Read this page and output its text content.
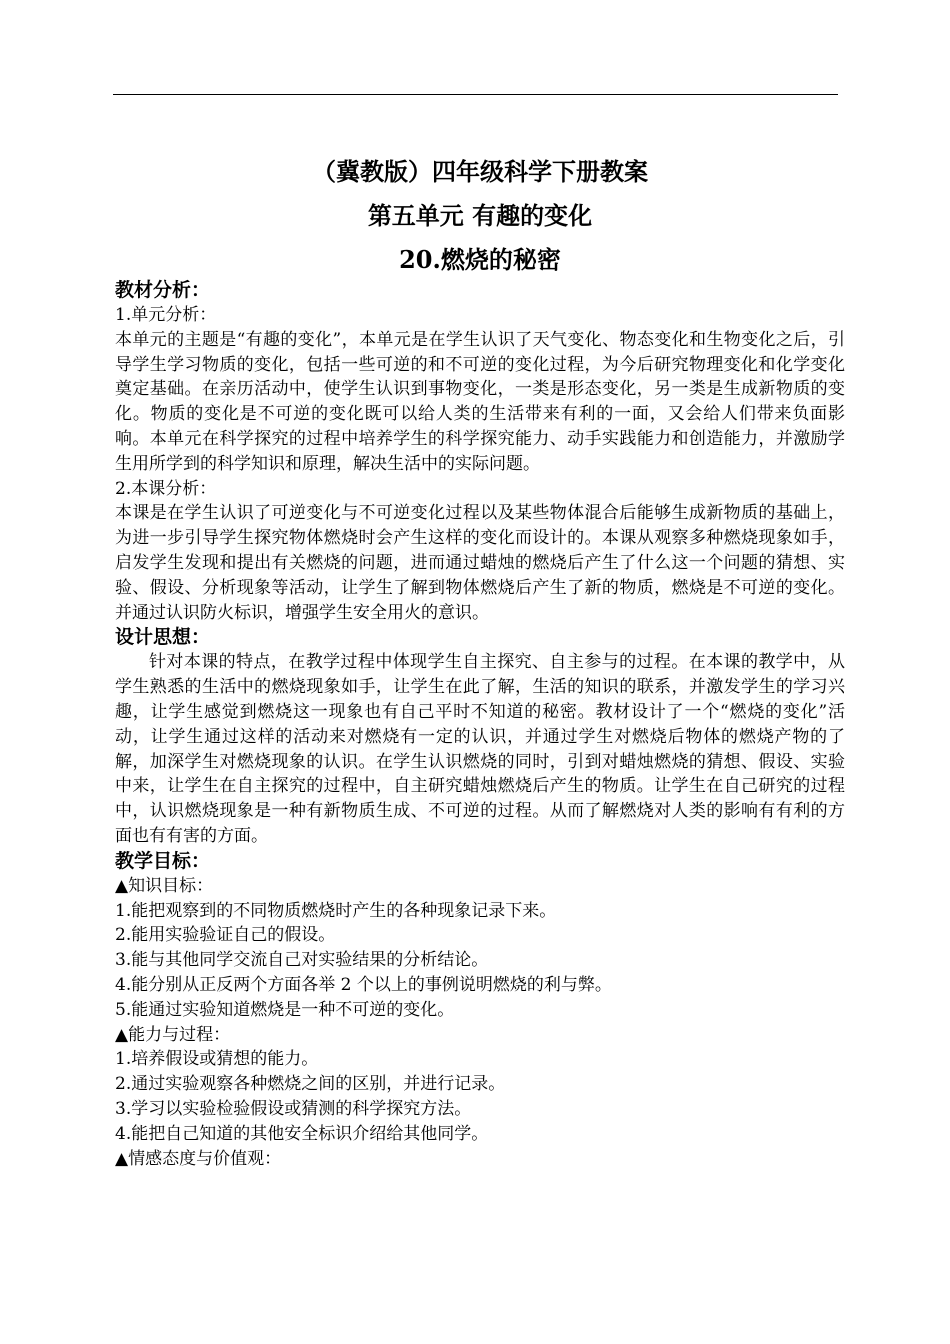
（冀教版）四年级科学下册教案
第五单元 有趣的变化
20.燃烧的秘密
教材分析：
1.单元分析：

本单元的主题是“有趣的变化”，本单元是在学生认识了天气变化、物态变化和生物变化之后，引导学生学习物质的变化，包括一些可逆的和不可逆的变化过程，为今后研究物理变化和化学变化奠定基础。在亲历活动中，使学生认识到事物变化，一类是形态变化，另一类是生成新物质的变化。物质的变化是不可逆的变化既可以给人类的生活带来有利的一面，又会给人们带来负面影响。本单元在科学探究的过程中培养学生的科学探究能力、动手实践能力和创造能力，并激励学生用所学到的科学知识和原理，解决生活中的实际问题。

2.本课分析：

本课是在学生认识了可逆变化与不可逆变化过程以及某些物体混合后能够生成新物质的基础上，为进一步引导学生探究物体燃烧时会产生这样的变化而设计的。本课从观察多种燃烧现象如手，启发学生发现和提出有关燃烧的问题，进而通过蜡烛的燃烧后产生了什么这一个问题的猜想、实验、假设、分析现象等活动，让学生了解到物体燃烧后产生了新的物质，燃烧是不可逆的变化。并通过认识防火标识，增强学生安全用火的意识。

设计思想：

针对本课的特点，在教学过程中体现学生自主探究、自主参与的过程。在本课的教学中，从学生熟悉的生活中的燃烧现象如手，让学生在此了解，生活的知识的联系，并激发学生的学习兴趣，让学生感觉到燃烧这一现象也有自己平时不知道的秘密。教材设计了一个“燃烧的变化”活动，让学生通过这样的活动来对燃烧有一定的认识，并通过学生对燃烧后物体的燃烧产物的了解，加深学生对燃烧现象的认识。在学生认识燃烧的同时，引到对蜡烛燃烧的猜想、假设、实验中来，让学生在自主探究的过程中，自主研究蜡烛燃烧后产生的物质。让学生在自己研究的过程中，认识燃烧现象是一种有新物质生成、不可逆的过程。从而了解燃烧对人类的影响有有利的方面也有有害的方面。

教学目标：
▲知识目标：
1.能把观察到的不同物质燃烧时产生的各种现象记录下来。
2.能用实验验证自己的假设。
3.能与其他同学交流自己对实验结果的分析结论。
4.能分别从正反两个方面各举 2 个以上的事例说明燃烧的利与弊。
5.能通过实验知道燃烧是一种不可逆的变化。
▲能力与过程：
1.培养假设或猜想的能力。
2.通过实验观察各种燃烧之间的区别，并进行记录。
3.学习以实验检验假设或猜测的科学探究方法。
4.能把自己知道的其他安全标识介绍给其他同学。
▲情感态度与价值观：
